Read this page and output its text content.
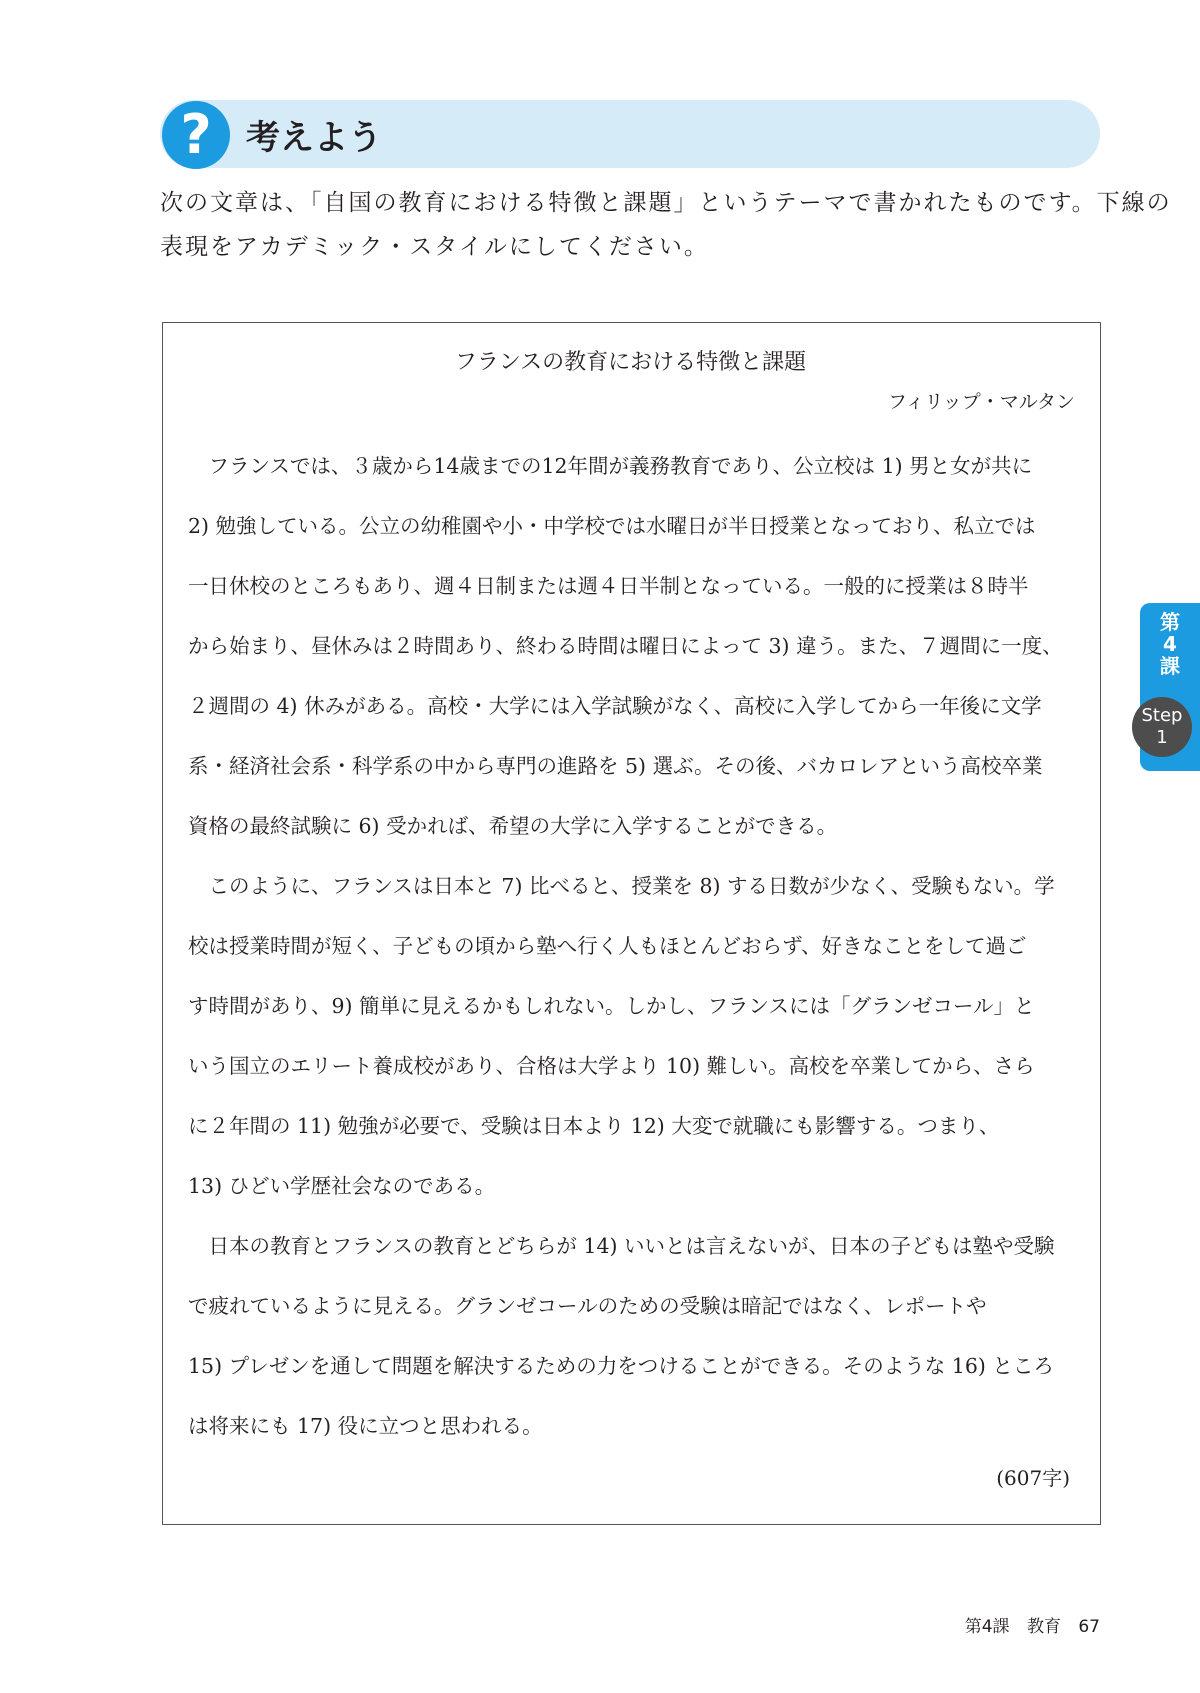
?	考えよう
次の文章は、「自国の教育における特徴と課題」というテーマで書かれたものです。下線の
表現をアカデミック・スタイルにしてください。
フランスの教育における特徴と課題
フィリップ・マルタン
　フランスでは、３歳から14歳までの12年間が義務教育であり、公立校は 1) 男と女が共に
2) 勉強している。公立の幼稚園や小・中学校では水曜日が半日授業となっており、私立では
一日休校のところもあり、週４日制または週４日半制となっている。一般的に授業は８時半
から始まり、昼休みは２時間あり、終わる時間は曜日によって 3) 違う。また、７週間に一度、
２週間の 4) 休みがある。高校・大学には入学試験がなく、高校に入学してから一年後に文学
系・経済社会系・科学系の中から専門の進路を 5) 選ぶ。その後、バカロレアという高校卒業
資格の最終試験に 6) 受かれば、希望の大学に入学することができる。
　このように、フランスは日本と 7) 比べると、授業を 8) する日数が少なく、受験もない。学
校は授業時間が短く、子どもの頃から塾へ行く人もほとんどおらず、好きなことをして過ご
す時間があり、9) 簡単に見えるかもしれない。しかし、フランスには「グランゼコール」と
いう国立のエリート養成校があり、合格は大学より 10) 難しい。高校を卒業してから、さら
に２年間の 11) 勉強が必要で、受験は日本より 12) 大変で就職にも影響する。つまり、
13) ひどい学歴社会なのである。
　日本の教育とフランスの教育とどちらが 14) いいとは言えないが、日本の子どもは塾や受験
で疲れているように見える。グランゼコールのための受験は暗記ではなく、レポートや
15) プレゼンを通して問題を解決するための力をつけることができる。そのような 16) ところ
は将来にも 17) 役に立つと思われる。
(607字)
第
4
課
Step
1
第4課 教育 67
